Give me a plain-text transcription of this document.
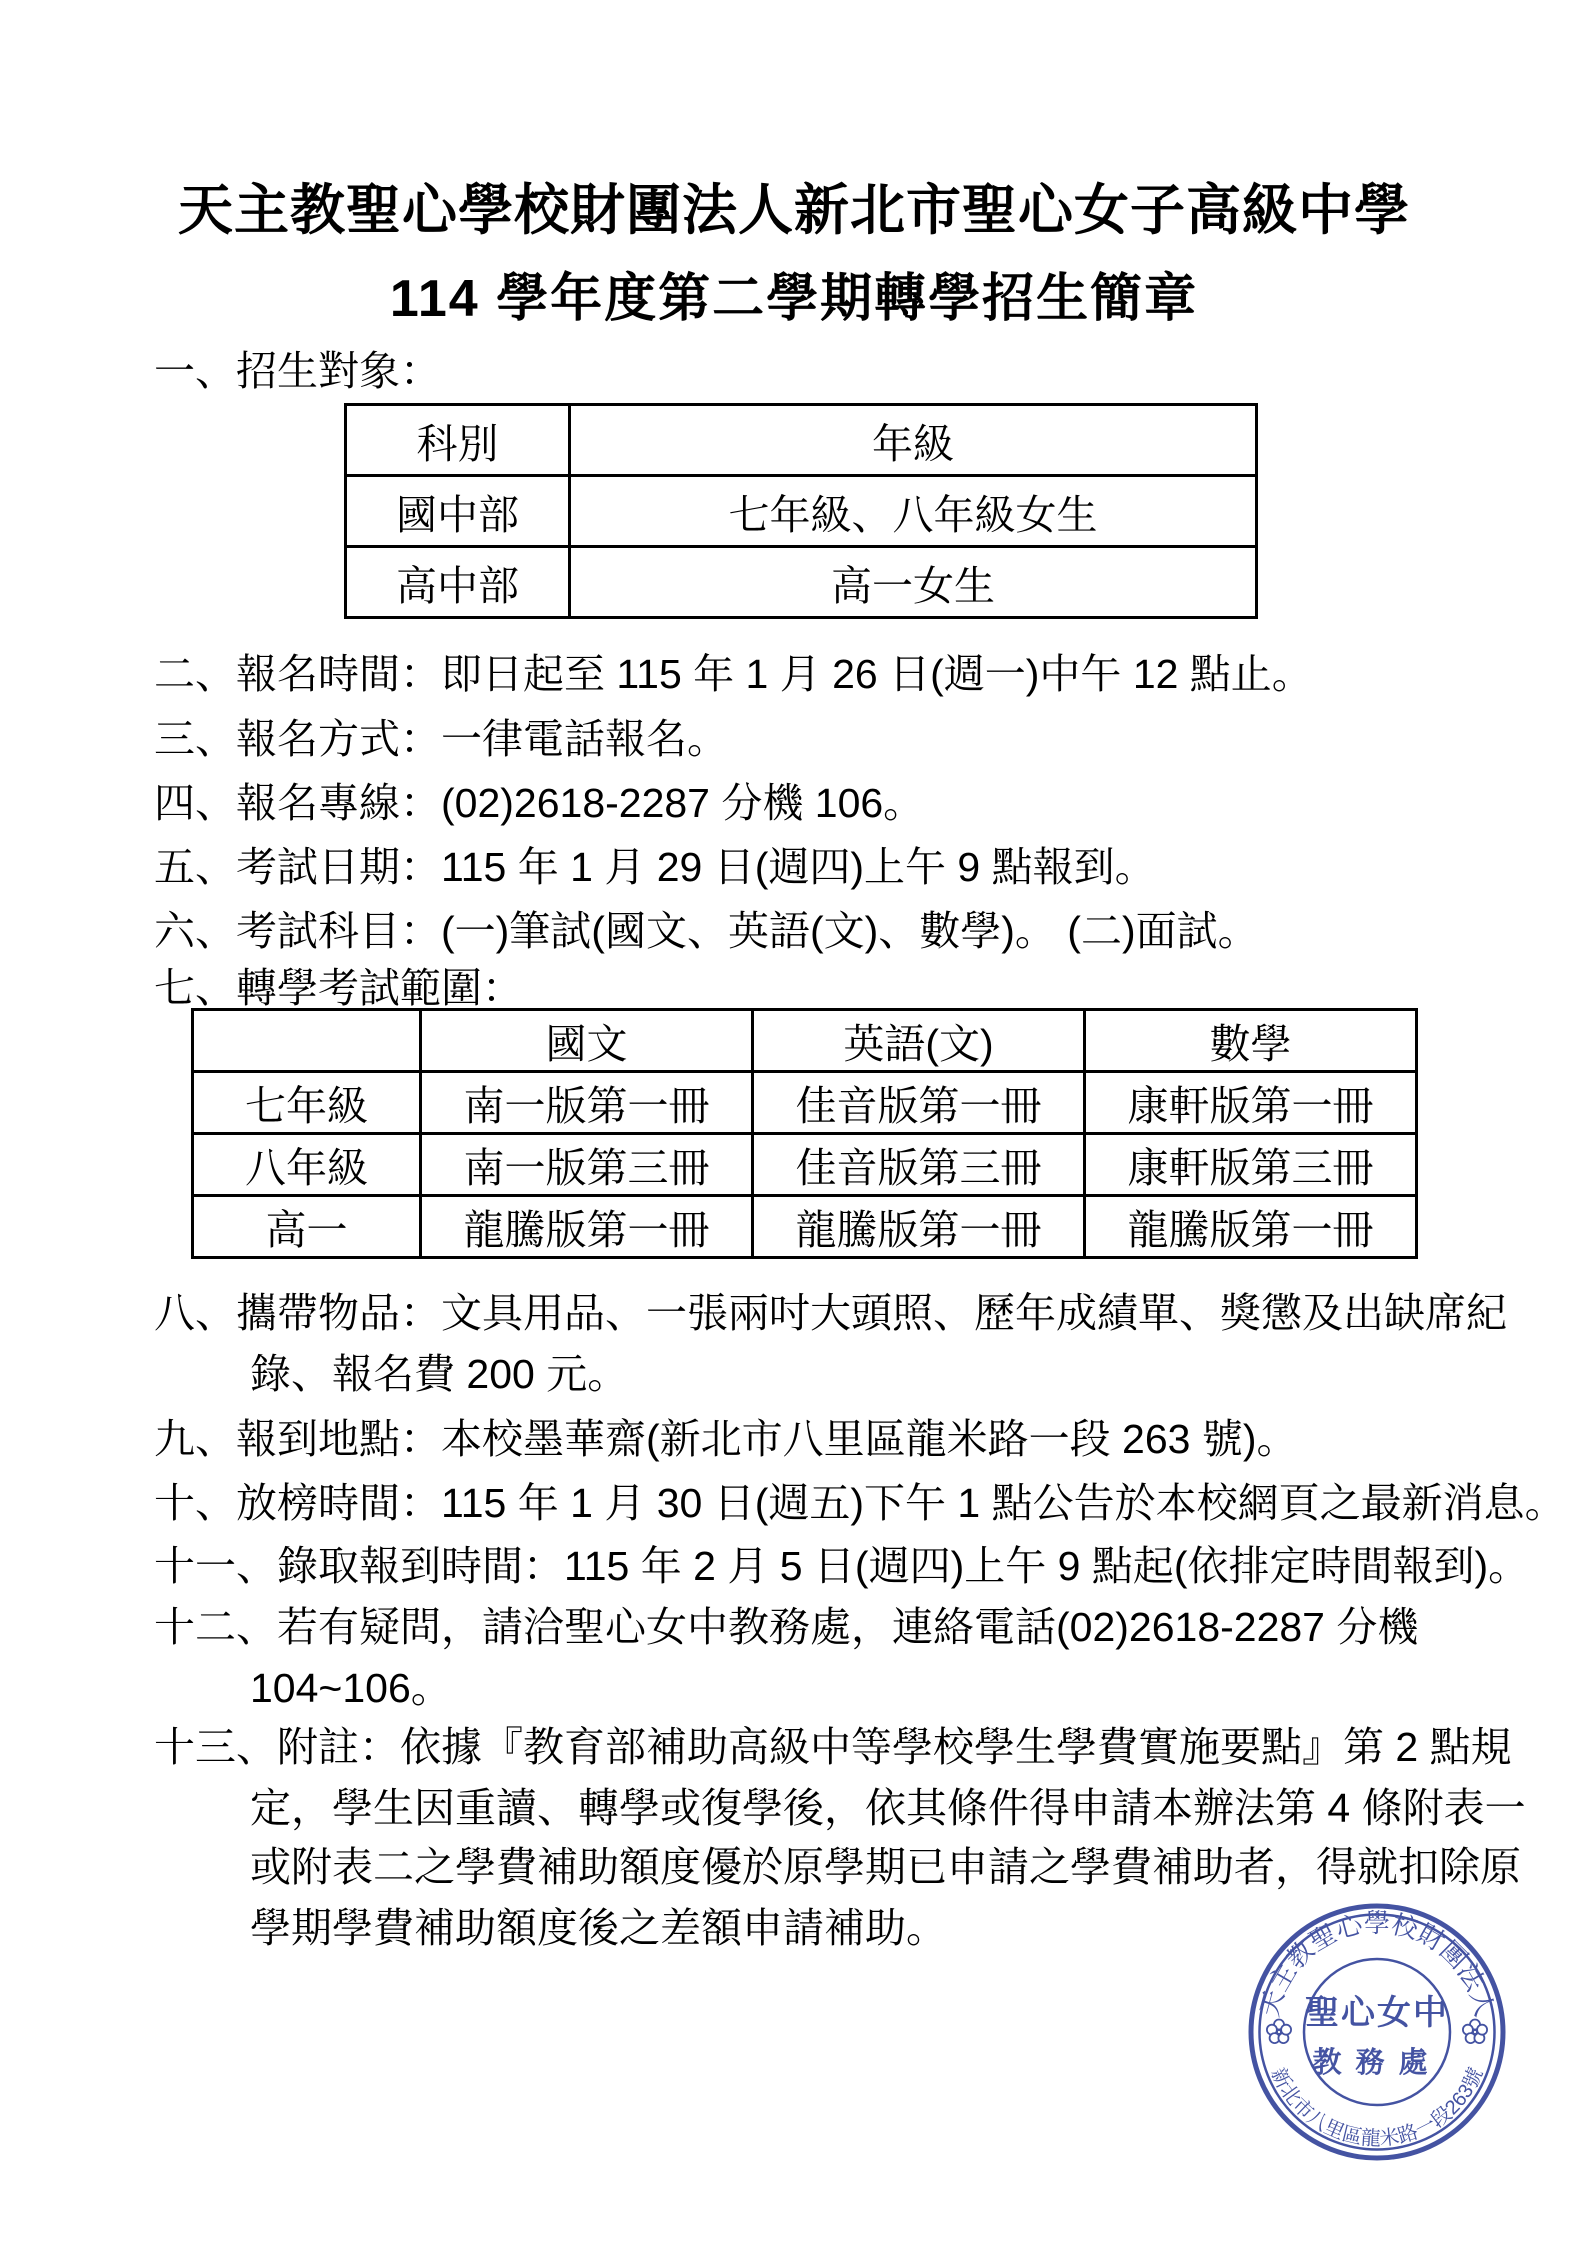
天主教聖心學校財團法人新北市聖心女子高級中學
114 學年度第二學期轉學招生簡章
一、招生對象：
科別	年級
國中部	七年級、八年級女生
高中部	高一女生
二、報名時間：即日起至 115 年 1 月 26 日(週一)中午 12 點止。
三、報名方式：一律電話報名。
四、報名專線：(02)2618-2287 分機 106。
五、考試日期：115 年 1 月 29 日(週四)上午 9 點報到。
六、考試科目：(一)筆試(國文、英語(文)、數學)。 (二)面試。
七、轉學考試範圍：
	國文	英語(文)	數學
七年級	南一版第一冊	佳音版第一冊	康軒版第一冊
八年級	南一版第三冊	佳音版第三冊	康軒版第三冊
高一	龍騰版第一冊	龍騰版第一冊	龍騰版第一冊
八、攜帶物品：文具用品、一張兩吋大頭照、歷年成績單、獎懲及出缺席紀
錄、報名費 200 元。
九、報到地點：本校墨華齋(新北市八里區龍米路一段 263 號)。
十、放榜時間：115 年 1 月 30 日(週五)下午 1 點公告於本校網頁之最新消息。
十一、錄取報到時間：115 年 2 月 5 日(週四)上午 9 點起(依排定時間報到)。
十二、若有疑問，請洽聖心女中教務處，連絡電話(02)2618-2287 分機
104~106。
十三、附註：依據『教育部補助高級中等學校學生學費實施要點』第 2 點規
定，學生因重讀、轉學或復學後，依其條件得申請本辦法第 4 條附表一
或附表二之學費補助額度優於原學期已申請之學費補助者，得就扣除原
學期學費補助額度後之差額申請補助。
天主教聖心學校財團法人
新北市八里區龍米路一段263號
聖心女中
教務處
